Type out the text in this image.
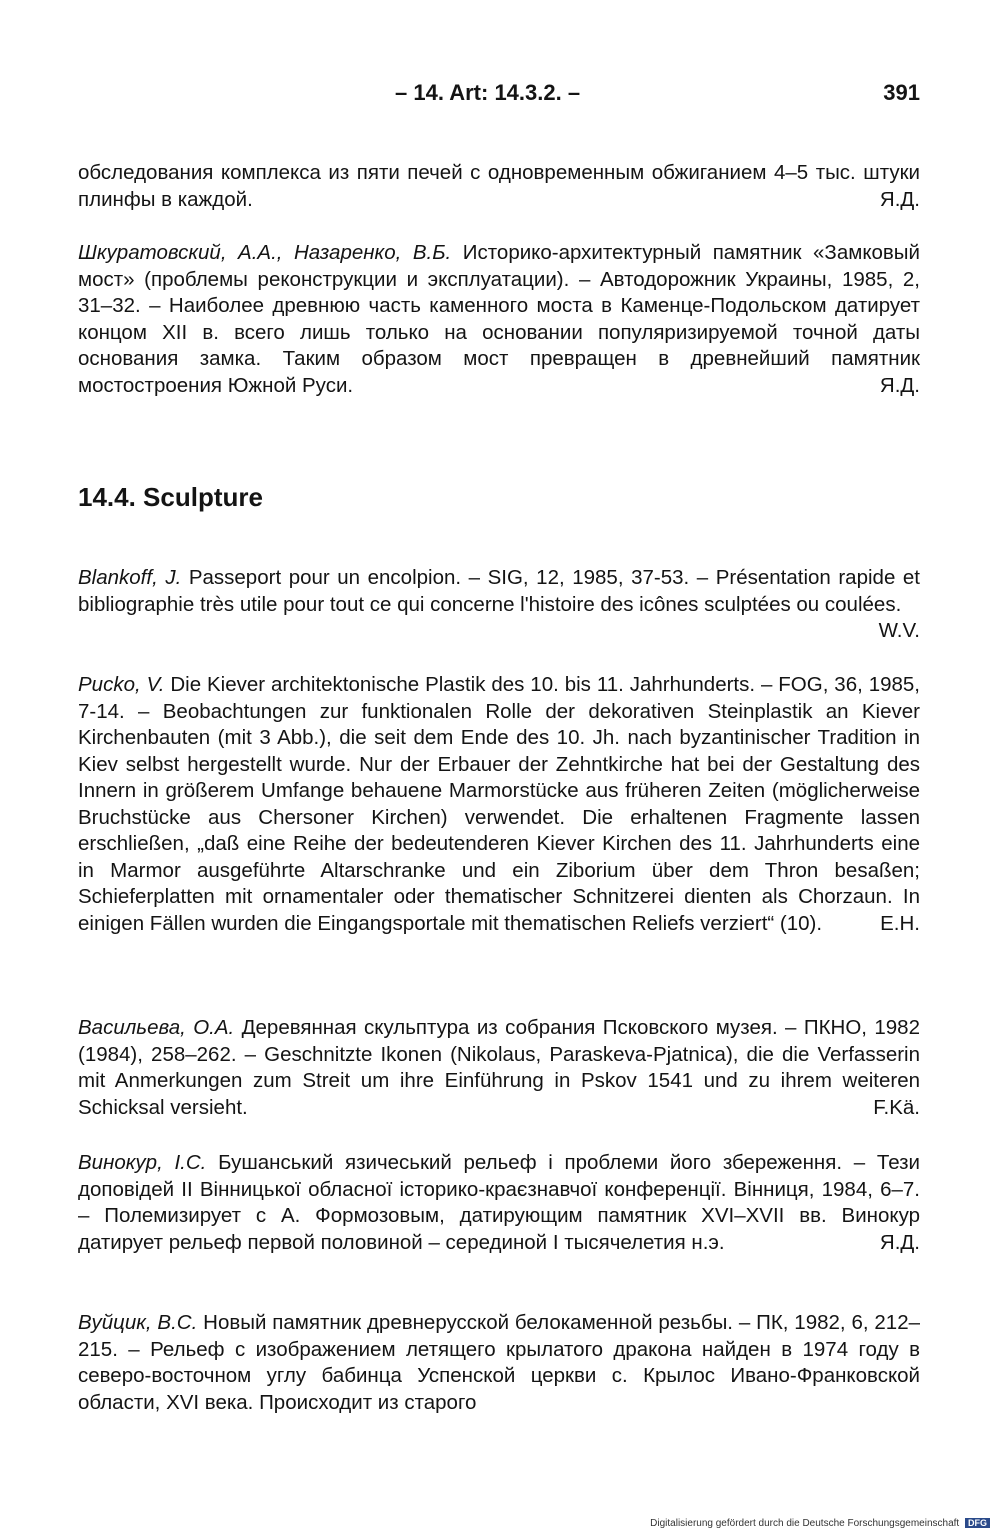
– 14. Art: 14.3.2. –	391
обследования комплекса из пяти печей с одновременным обжиганием 4–5 тыс. штуки плинфы в каждой.	Я.Д.
Шкуратовский, А.А., Назаренко, В.Б. Историко-архитектурный памятник «Замковый мост» (проблемы реконструкции и эксплуатации). – Автодорожник Украины, 1985, 2, 31–32. – Наиболее древнюю часть каменного моста в Каменце-Подольском датирует концом XII в. всего лишь только на основании популяризируемой точной даты основания замка. Таким образом мост превращен в древнейший памятник мостостроения Южной Руси.	Я.Д.
14.4. Sculpture
Blankoff, J. Passeport pour un encolpion. – SIG, 12, 1985, 37-53. – Présentation rapide et bibliographie très utile pour tout ce qui concerne l'histoire des icônes sculptées ou coulées.
W.V.
Pucko, V. Die Kiever architektonische Plastik des 10. bis 11. Jahrhunderts. – FOG, 36, 1985, 7-14. – Beobachtungen zur funktionalen Rolle der dekorativen Steinplastik an Kiever Kirchenbauten (mit 3 Abb.), die seit dem Ende des 10. Jh. nach byzantinischer Tradition in Kiev selbst hergestellt wurde. Nur der Erbauer der Zehntkirche hat bei der Gestaltung des Innern in größerem Umfange behauene Marmorstücke aus früheren Zeiten (möglicherweise Bruchstücke aus Chersoner Kirchen) verwendet. Die erhaltenen Fragmente lassen erschließen, „daß eine Reihe der bedeutenderen Kiever Kirchen des 11. Jahrhunderts eine in Marmor ausgeführte Altarschranke und ein Ziborium über dem Thron besaßen; Schieferplatten mit ornamentaler oder thematischer Schnitzerei dienten als Chorzaun. In einigen Fällen wurden die Eingangsportale mit thematischen Reliefs verziert“ (10).	E.H.
Васильева, О.А. Деревянная скульптура из собрания Псковского музея. – ПКНО, 1982 (1984), 258–262. – Geschnitzte Ikonen (Nikolaus, Paraskeva-Pjatnica), die die Verfasserin mit Anmerkungen zum Streit um ihre Einführung in Pskov 1541 und zu ihrem weiteren Schicksal versieht.	F.Kä.
Винокур, І.С. Бушанський язичеський рельеф і проблеми його збереження. – Тези доповідей II Вінницької обласної історико-краєзнавчої конференції. Вінниця, 1984, 6–7. – Полемизирует с А. Формозовым, датирующим памятник XVI–XVII вв. Винокур датирует рельеф первой половиной – серединой I тысячелетия н.э.	Я.Д.
Вуйцик, В.С. Новый памятник древнерусской белокаменной резьбы. – ПК, 1982, 6, 212–215. – Рельеф с изображением летящего крылатого дракона найден в 1974 году в северо-восточном углу бабинца Успенской церкви с. Крылос Ивано-Франковской области, XVI века. Происходит из старого
Digitalisierung gefördert durch die Deutsche Forschungsgemeinschaft DFG
